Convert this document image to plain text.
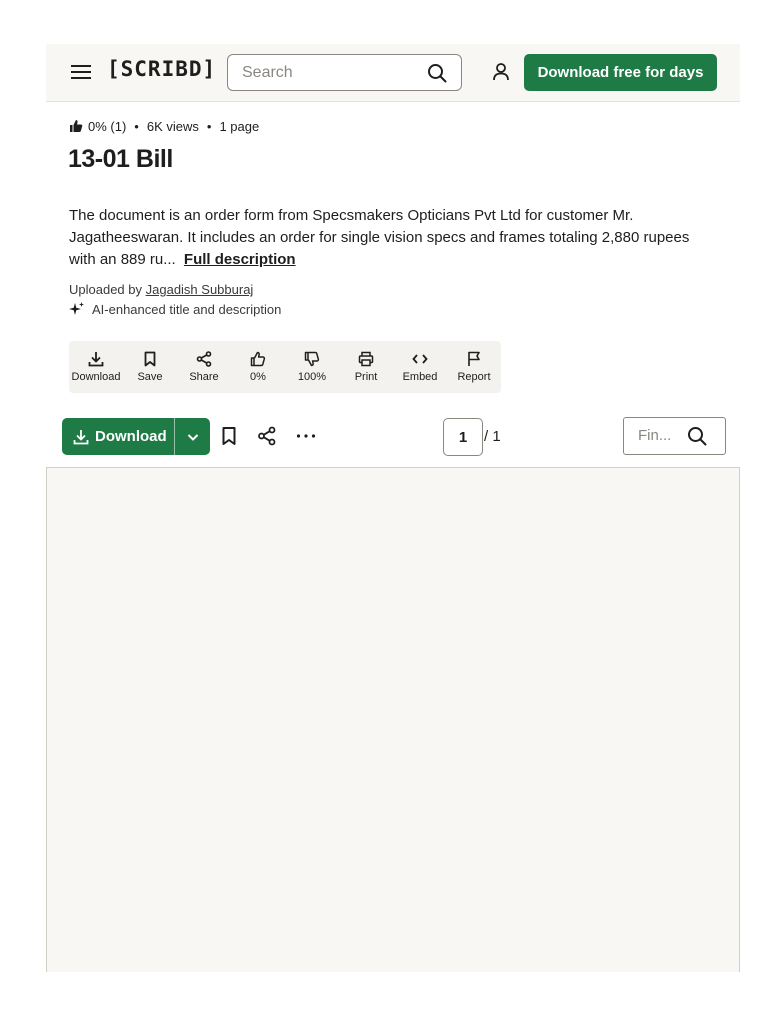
[SCRIBD]
Search	Download free for days
0% (1) • 6K views • 1 page
13-01 Bill
The document is an order form from Specsmakers Opticians Pvt Ltd for customer Mr. Jagatheeswaran. It includes an order for single vision specs and frames totaling 2,880 rupees with an 889 ru... Full description
Uploaded by Jagadish Subburaj
AI-enhanced title and description
Download Save Share	0%	100%	Print Embed Report
Download	1	/ 1
Fin...
